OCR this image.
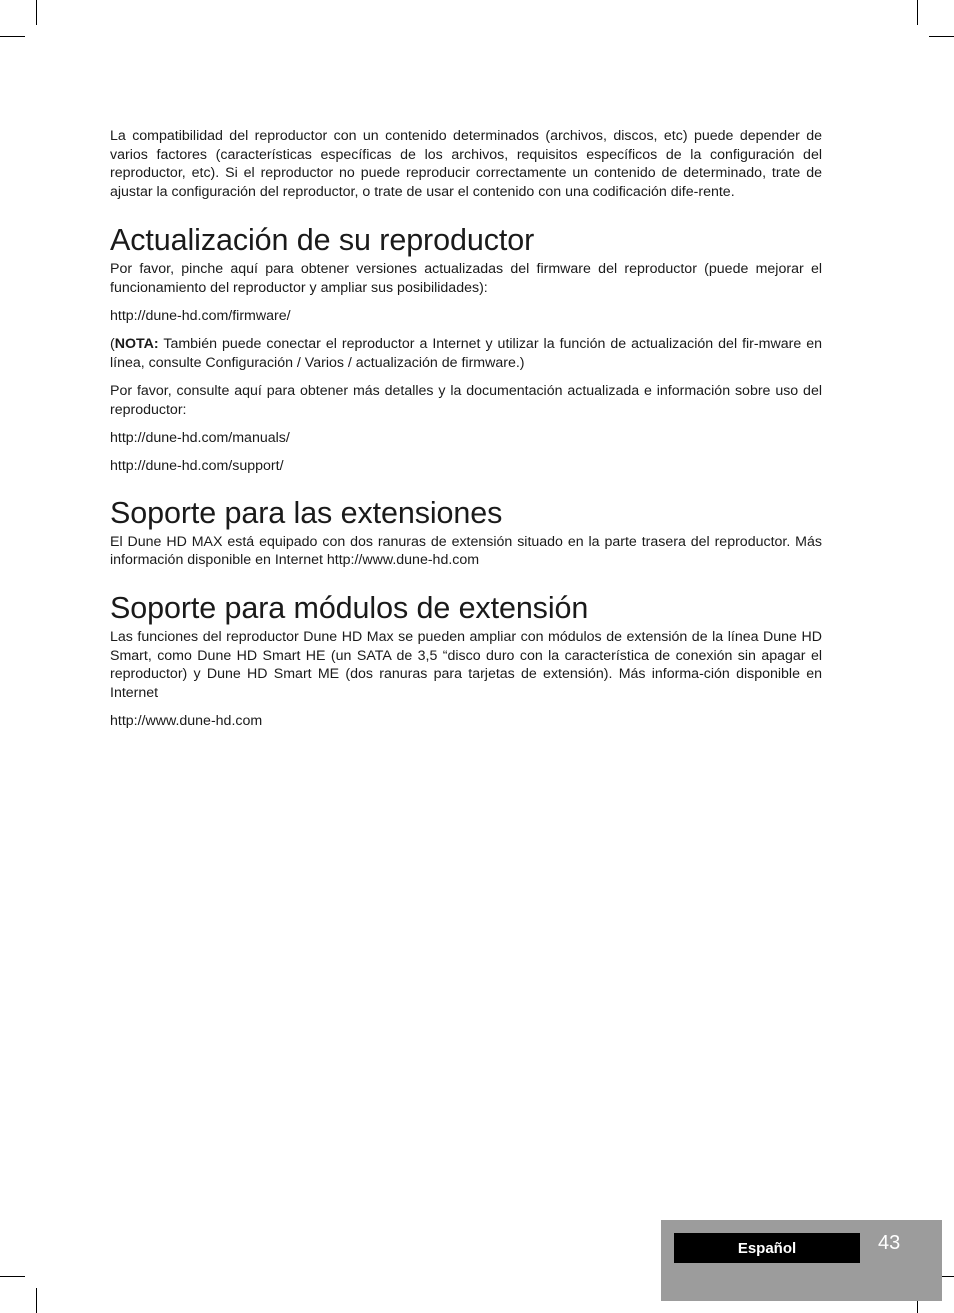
La compatibilidad del reproductor con un contenido determinados (archivos, discos, etc) puede depender de varios factores (características específicas de los archivos, requisitos específicos de la configuración del reproductor, etc). Si el reproductor no puede reproducir correctamente un contenido de determinado, trate de ajustar la configuración del reproductor, o trate de usar el contenido con una codificación dife-rente.

Actualización de su reproductor

Por favor, pinche aquí para obtener versiones actualizadas del firmware del reproductor (puede mejorar el funcionamiento del reproductor y ampliar sus posibilidades):

http://dune-hd.com/firmware/

(NOTA: También puede conectar el reproductor a Internet y utilizar la función de actualización del fir-mware en línea, consulte Configuración / Varios / actualización de firmware.)

Por favor, consulte aquí para obtener más detalles y la documentación actualizada e información sobre uso del reproductor:

http://dune-hd.com/manuals/

http://dune-hd.com/support/

Soporte para las extensiones

El Dune HD MAX está equipado con dos ranuras de extensión situado en la parte trasera del reproductor. Más información disponible en Internet http://www.dune-hd.com

Soporte para módulos de extensión

Las funciones del reproductor Dune HD Max se pueden ampliar con módulos de extensión de la línea Dune HD Smart, como Dune HD Smart HE (un SATA de 3,5 “disco duro con la característica de conexión sin apagar el reproductor) y Dune HD Smart ME (dos ranuras para tarjetas de extensión). Más informa-ción disponible en Internet

http://www.dune-hd.com

Español	43
